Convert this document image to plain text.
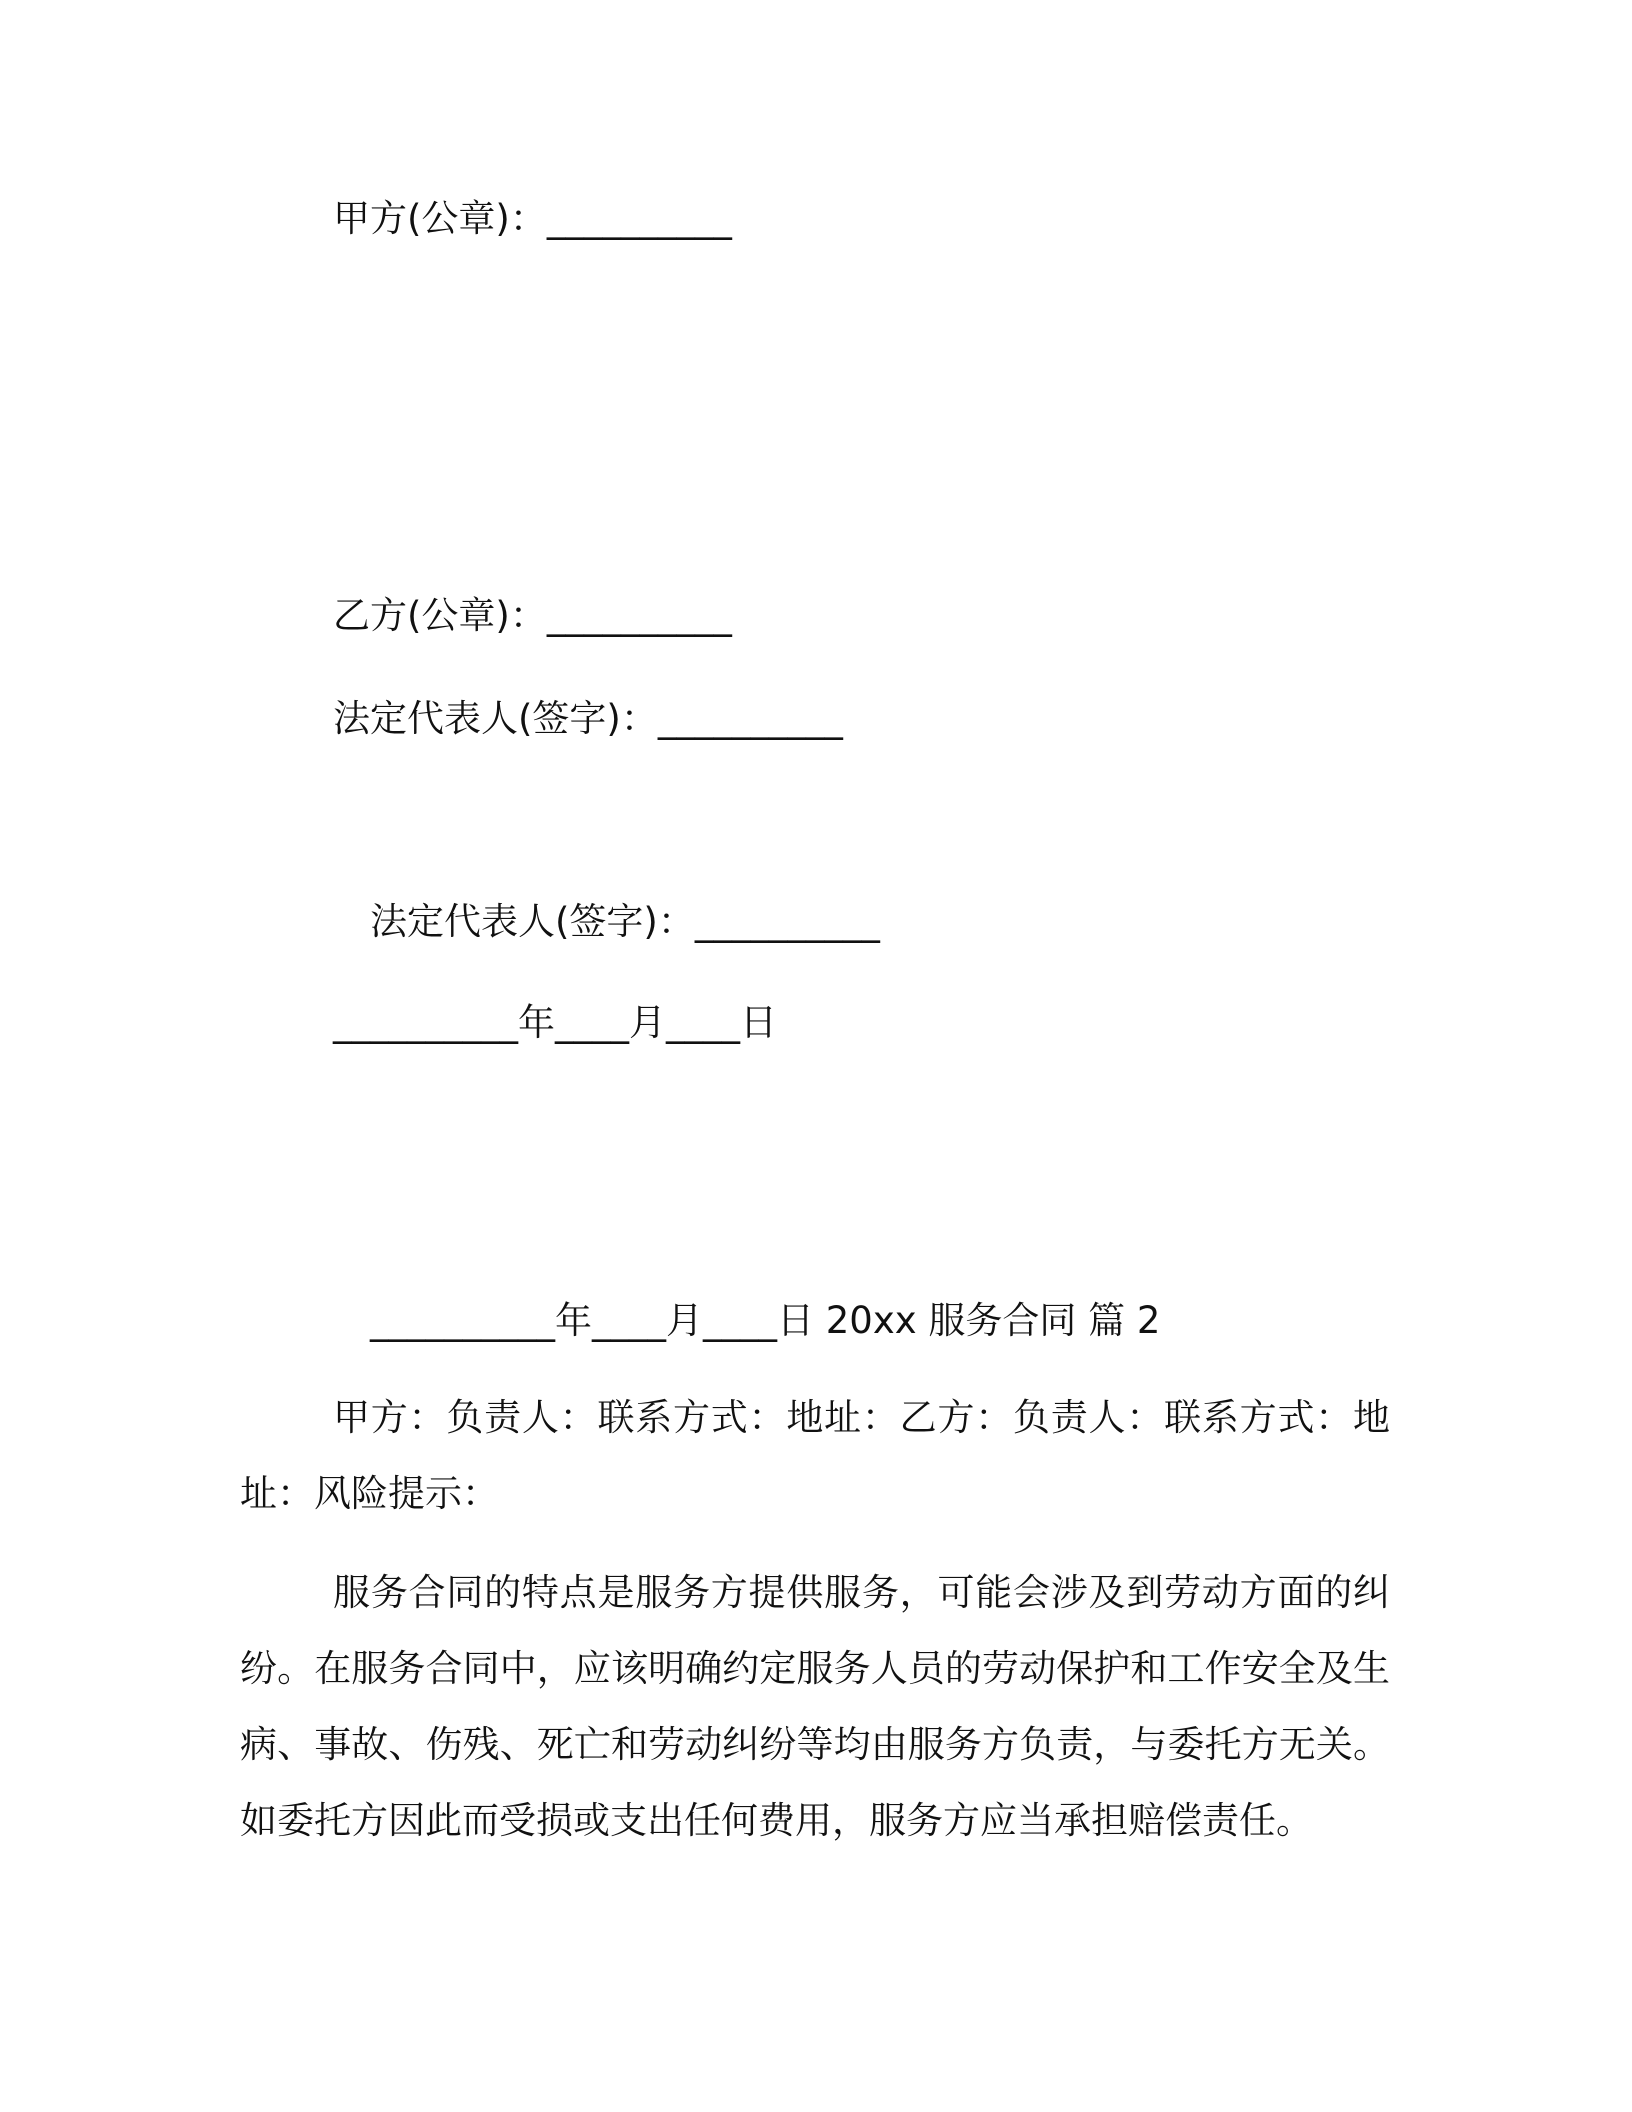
甲方(公章)：__________
乙方(公章)：__________
法定代表人(签字)：__________
法定代表人(签字)：__________
__________年____月____日
__________年____月____日 20xx 服务合同 篇 2

甲方：负责人：联系方式：地址：乙方：负责人：联系方式：地址：风险提示：

服务合同的特点是服务方提供服务，可能会涉及到劳动方面的纠纷。在服务合同中，应该明确约定服务人员的劳动保护和工作安全及生病、事故、伤残、死亡和劳动纠纷等均由服务方负责，与委托方无关。如委托方因此而受损或支出任何费用，服务方应当承担赔偿责任。
